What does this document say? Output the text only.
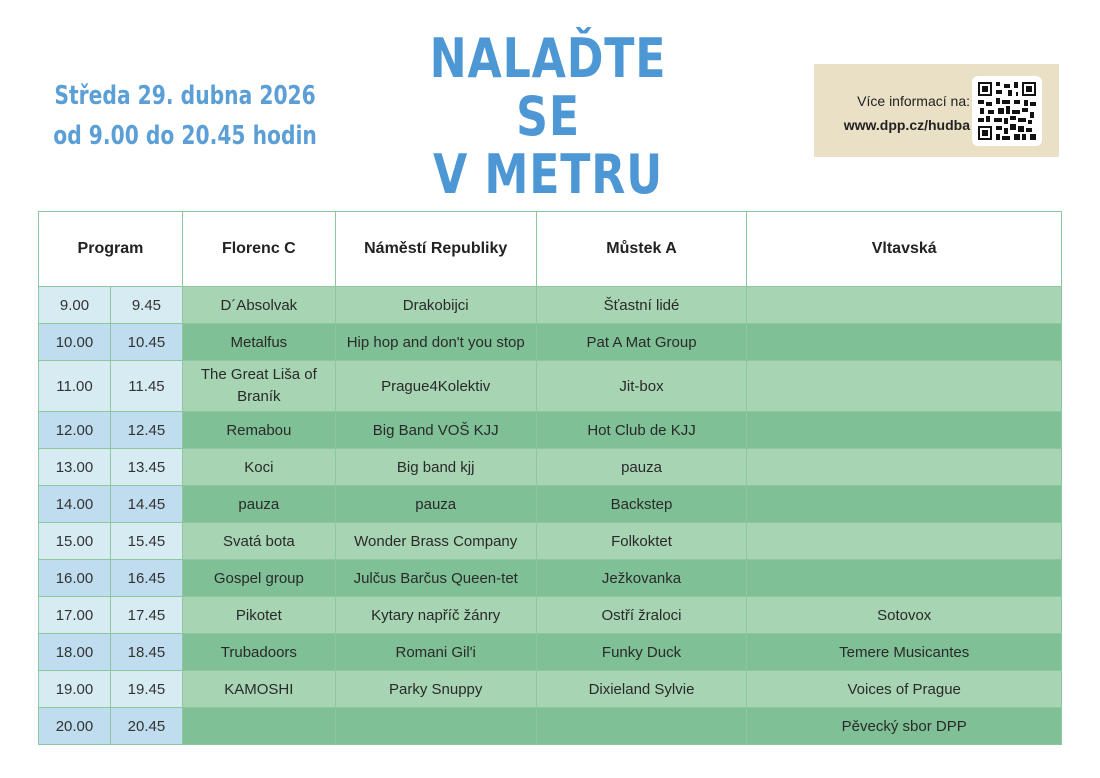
Středa 29. dubna 2026
od 9.00 do 20.45 hodin
NALAĎTE SE
V METRU
Více informací na:
www.dpp.cz/hudba
Program		Florenc C	Náměstí Republiky	Můstek A	Vltavská
9.00	9.45	D´Absolvak	Drakobijci	Šťastní lidé	
10.00	10.45	Metalfus	Hip hop and don't you stop	Pat A Mat Group	
11.00	11.45	The Great Liša of Braník	Prague4Kolektiv	Jit-box	
12.00	12.45	Remabou	Big Band VOŠ KJJ	Hot Club de KJJ	
13.00	13.45	Koci	Big band kjj	pauza	
14.00	14.45	pauza	pauza	Backstep	
15.00	15.45	Svatá bota	Wonder Brass Company	Folkoktet	
16.00	16.45	Gospel group	Julčus Barčus Queen-tet	Ježkovanka	
17.00	17.45	Pikotet	Kytary napříč žánry	Ostří žraloci	Sotovox
18.00	18.45	Trubadoors	Romani Gil'i	Funky Duck	Temere Musicantes
19.00	19.45	KAMOSHI	Parky Snuppy	Dixieland Sylvie	Voices of Prague
20.00	20.45				Pěvecký sbor DPP
